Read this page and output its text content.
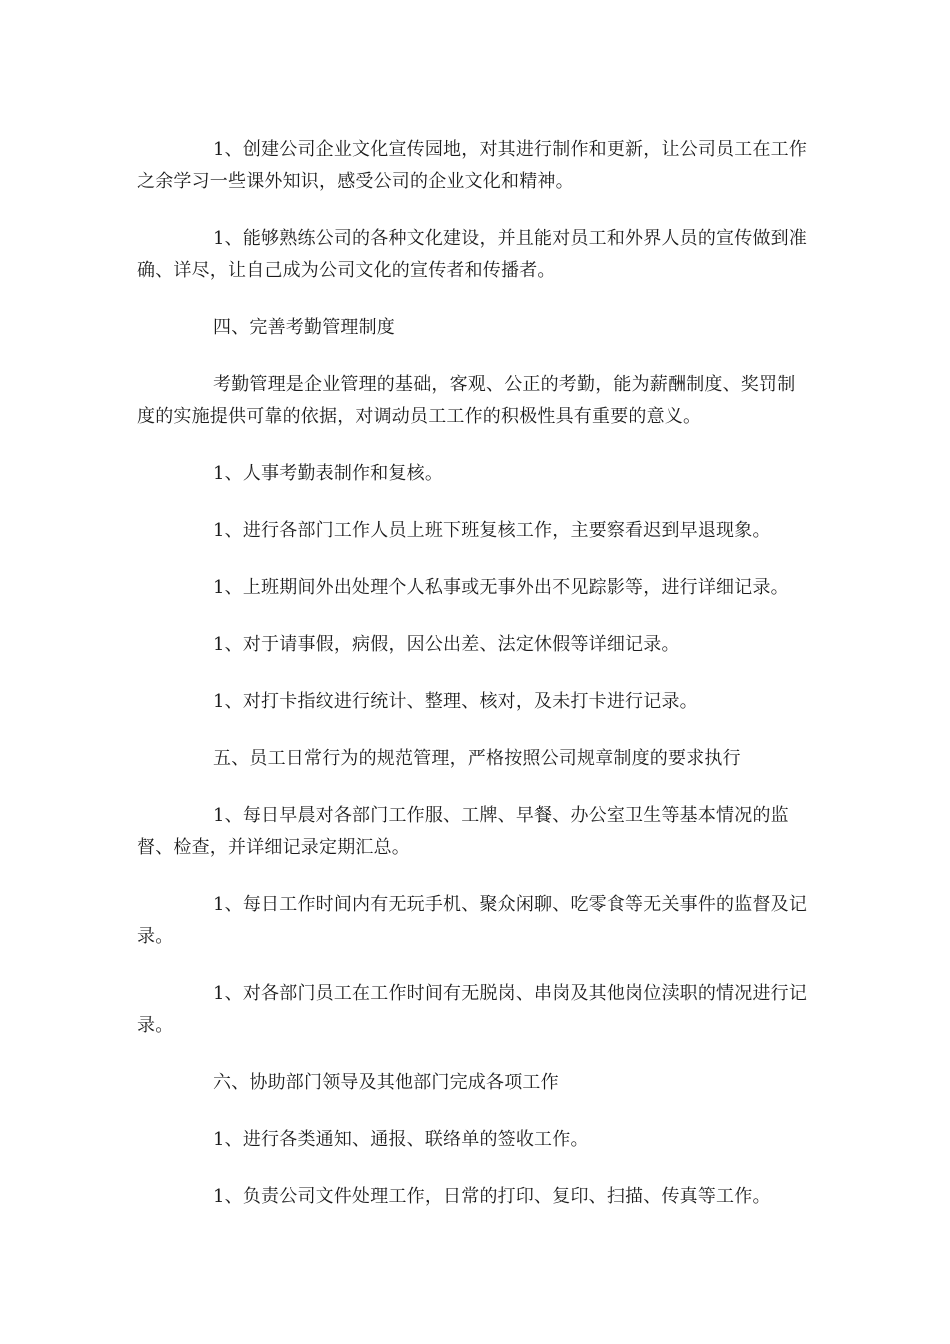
1、创建公司企业文化宣传园地，对其进行制作和更新，让公司员工在工作之余学习一些课外知识，感受公司的企业文化和精神。

1、能够熟练公司的各种文化建设，并且能对员工和外界人员的宣传做到准确、详尽，让自己成为公司文化的宣传者和传播者。

四、完善考勤管理制度

考勤管理是企业管理的基础，客观、公正的考勤，能为薪酬制度、奖罚制度的实施提供可靠的依据，对调动员工工作的积极性具有重要的意义。

1、人事考勤表制作和复核。

1、进行各部门工作人员上班下班复核工作，主要察看迟到早退现象。

1、上班期间外出处理个人私事或无事外出不见踪影等，进行详细记录。

1、对于请事假，病假，因公出差、法定休假等详细记录。

1、对打卡指纹进行统计、整理、核对，及未打卡进行记录。

五、员工日常行为的规范管理，严格按照公司规章制度的要求执行

1、每日早晨对各部门工作服、工牌、早餐、办公室卫生等基本情况的监督、检查，并详细记录定期汇总。

1、每日工作时间内有无玩手机、聚众闲聊、吃零食等无关事件的监督及记录。

1、对各部门员工在工作时间有无脱岗、串岗及其他岗位渎职的情况进行记录。

六、协助部门领导及其他部门完成各项工作

1、进行各类通知、通报、联络单的签收工作。

1、负责公司文件处理工作，日常的打印、复印、扫描、传真等工作。
